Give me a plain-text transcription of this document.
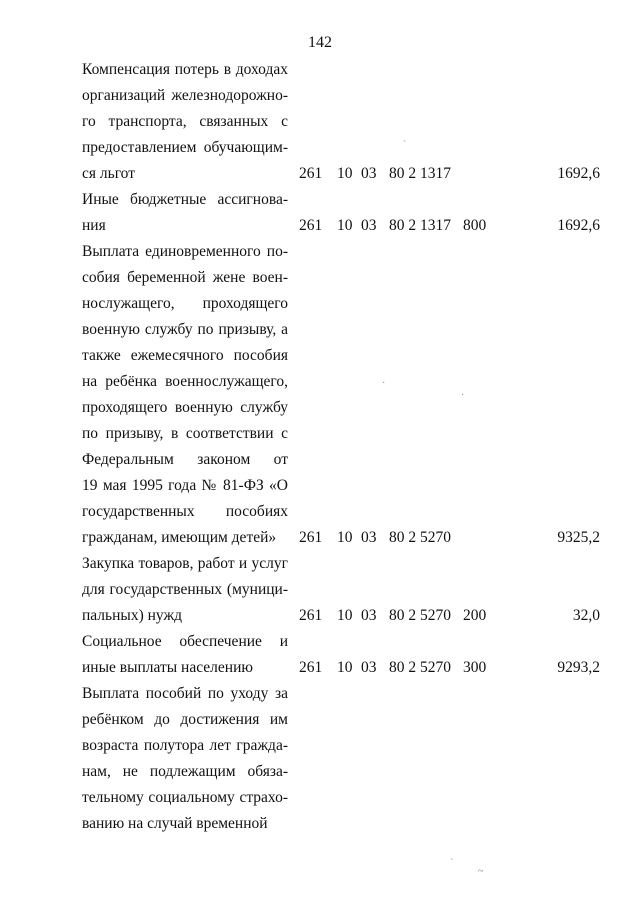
142
Компенсация потерь в доходах
организаций железнодорожно-
го транспорта, связанных с
предоставлением обучающим-
ся льгот	261 10 03 80 2 1317	1692,6
Иные бюджетные ассигнова-
ния	261 10 03 80 2 1317 800	1692,6
Выплата единовременного по-
собия беременной жене воен-
нослужащего, проходящего
военную службу по призыву, а
также ежемесячного пособия
на ребёнка военнослужащего,
проходящего военную службу
по призыву, в соответствии с
Федеральным законом от
19 мая 1995 года № 81-ФЗ «О
государственных пособиях
гражданам, имеющим детей»	261 10 03 80 2 5270	9325,2
Закупка товаров, работ и услуг
для государственных (муници-
пальных) нужд	261 10 03 80 2 5270 200	32,0
Социальное обеспечение и
иные выплаты населению	261 10 03 80 2 5270 300	9293,2
Выплата пособий по уходу за
ребёнком до достижения им
возраста полутора лет гражда-
нам, не подлежащим обяза-
тельному социальному страхо-
ванию на случай временной
ˋ
·
·
ˋ
~
